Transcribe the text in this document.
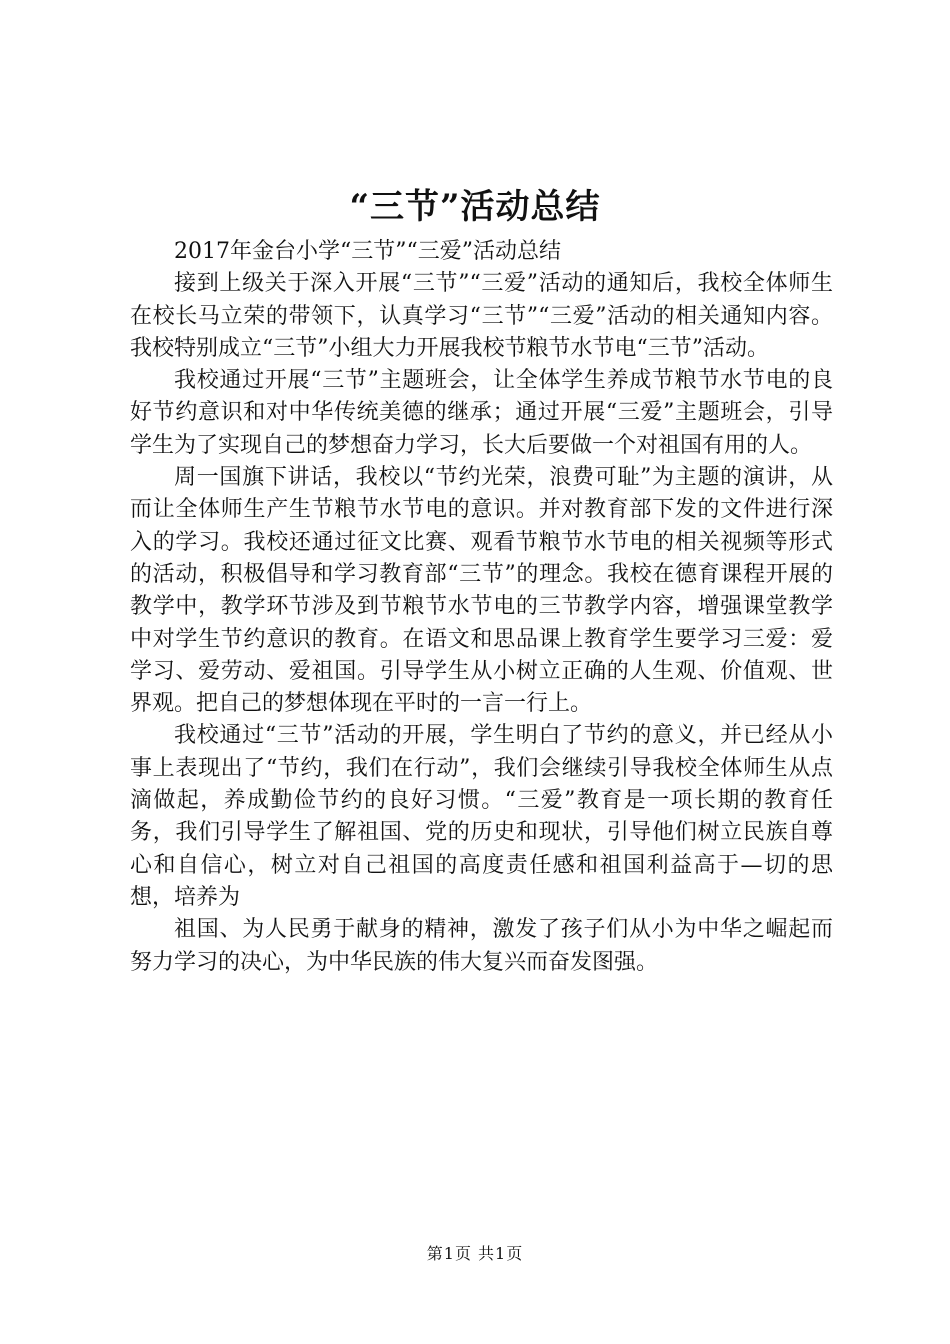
“三节”活动总结

2017年金台小学“三节”“三爱”活动总结

接到上级关于深入开展“三节”“三爱”活动的通知后，我校全体师生在校长马立荣的带领下，认真学习“三节”“三爱”活动的相关通知内容。我校特别成立“三节”小组大力开展我校节粮节水节电“三节”活动。

我校通过开展“三节”主题班会，让全体学生养成节粮节水节电的良好节约意识和对中华传统美德的继承；通过开展“三爱”主题班会，引导学生为了实现自己的梦想奋力学习，长大后要做一个对祖国有用的人。

周一国旗下讲话，我校以“节约光荣，浪费可耻”为主题的演讲，从而让全体师生产生节粮节水节电的意识。并对教育部下发的文件进行深入的学习。我校还通过征文比赛、观看节粮节水节电的相关视频等形式的活动，积极倡导和学习教育部“三节”的理念。我校在德育课程开展的教学中，教学环节涉及到节粮节水节电的三节教学内容，增强课堂教学中对学生节约意识的教育。在语文和思品课上教育学生要学习三爱：爱学习、爱劳动、爱祖国。引导学生从小树立正确的人生观、价值观、世界观。把自己的梦想体现在平时的一言一行上。

我校通过“三节”活动的开展，学生明白了节约的意义，并已经从小事上表现出了“节约，我们在行动”，我们会继续引导我校全体师生从点滴做起，养成勤俭节约的良好习惯。“三爱”教育是一项长期的教育任务，我们引导学生了解祖国、党的历史和现状，引导他们树立民族自尊心和自信心，树立对自己祖国的高度责任感和祖国利益高于—切的思想，培养为

祖国、为人民勇于献身的精神，激发了孩子们从小为中华之崛起而努力学习的决心，为中华民族的伟大复兴而奋发图强。

第1页 共1页
